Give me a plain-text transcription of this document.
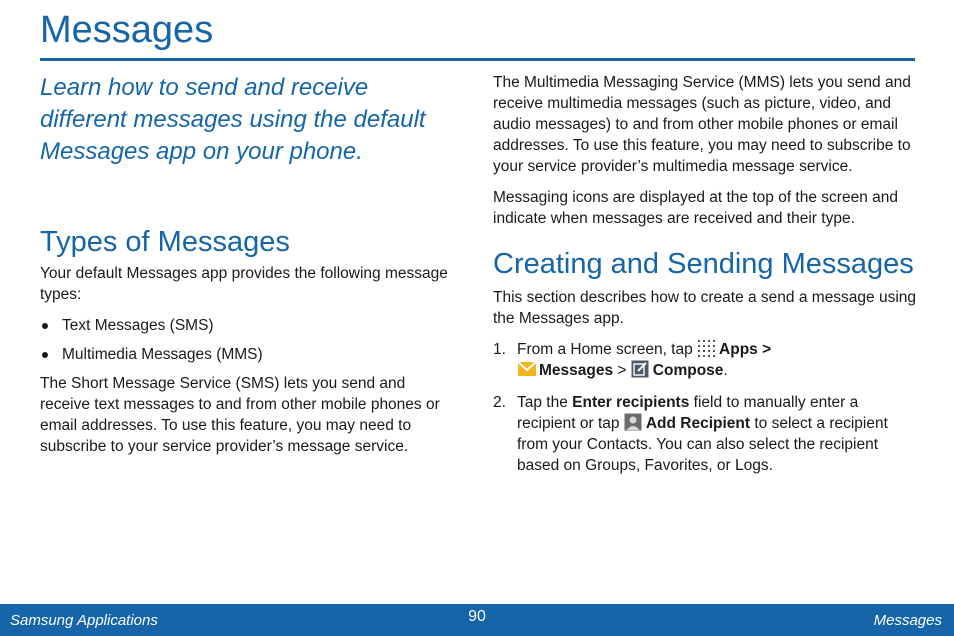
Messages

Learn how to send and receive different messages using the default Messages app on your phone.

Types of Messages

Your default Messages app provides the following message types:

Text Messages (SMS)
Multimedia Messages (MMS)

The Short Message Service (SMS) lets you send and receive text messages to and from other mobile phones or email addresses. To use this feature, you may need to subscribe to your service provider’s message service.

The Multimedia Messaging Service (MMS) lets you send and receive multimedia messages (such as picture, video, and audio messages) to and from other mobile phones or email addresses. To use this feature, you may need to subscribe to your service provider’s multimedia message service.

Messaging icons are displayed at the top of the screen and indicate when messages are received and their type.

Creating and Sending Messages

This section describes how to create a send a message using the Messages app.

1. From a Home screen, tap Apps >
Messages > Compose.
2. Tap the Enter recipients field to manually enter a recipient or tap Add Recipient to select a recipient from your Contacts. You can also select the recipient based on Groups, Favorites, or Logs.
Samsung Applications	90	Messages
